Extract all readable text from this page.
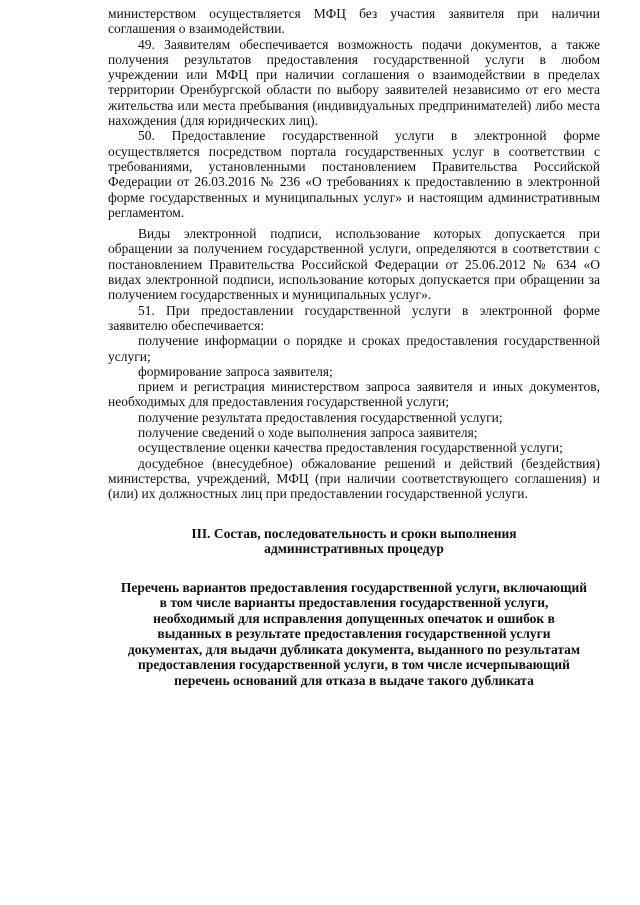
министерством осуществляется МФЦ без участия заявителя при наличии соглашения о взаимодействии.

49. Заявителям обеспечивается возможность подачи документов, а также получения результатов предоставления государственной услуги в любом учреждении или МФЦ при наличии соглашения о взаимодействии в пределах территории Оренбургской области по выбору заявителей независимо от его места жительства или места пребывания (индивидуальных предпринимателей) либо места нахождения (для юридических лиц).

50. Предоставление государственной услуги в электронной форме осуществляется посредством портала государственных услуг в соответствии с требованиями, установленными постановлением Правительства Российской Федерации от 26.03.2016 № 236 «О требованиях к предоставлению в электронной форме государственных и муниципальных услуг» и настоящим административным регламентом.

Виды электронной подписи, использование которых допускается при обращении за получением государственной услуги, определяются в соответствии с постановлением Правительства Российской Федерации от 25.06.2012 № 634 «О видах электронной подписи, использование которых допускается при обращении за получением государственных и муниципальных услуг».

51. При предоставлении государственной услуги в электронной форме заявителю обеспечивается:

получение информации о порядке и сроках предоставления государственной услуги;

формирование запроса заявителя;

прием и регистрация министерством запроса заявителя и иных документов, необходимых для предоставления государственной услуги;

получение результата предоставления государственной услуги;

получение сведений о ходе выполнения запроса заявителя;

осуществление оценки качества предоставления государственной услуги;

досудебное (внесудебное) обжалование решений и действий (бездействия) министерства, учреждений, МФЦ (при наличии соответствующего соглашения) и (или) их должностных лиц при предоставлении государственной услуги.

III. Состав, последовательность и сроки выполнения административных процедур

Перечень вариантов предоставления государственной услуги, включающий в том числе варианты предоставления государственной услуги, необходимый для исправления допущенных опечаток и ошибок в выданных в результате предоставления государственной услуги документах, для выдачи дубликата документа, выданного по результатам предоставления государственной услуги, в том числе исчерпывающий перечень оснований для отказа в выдаче такого дубликата
